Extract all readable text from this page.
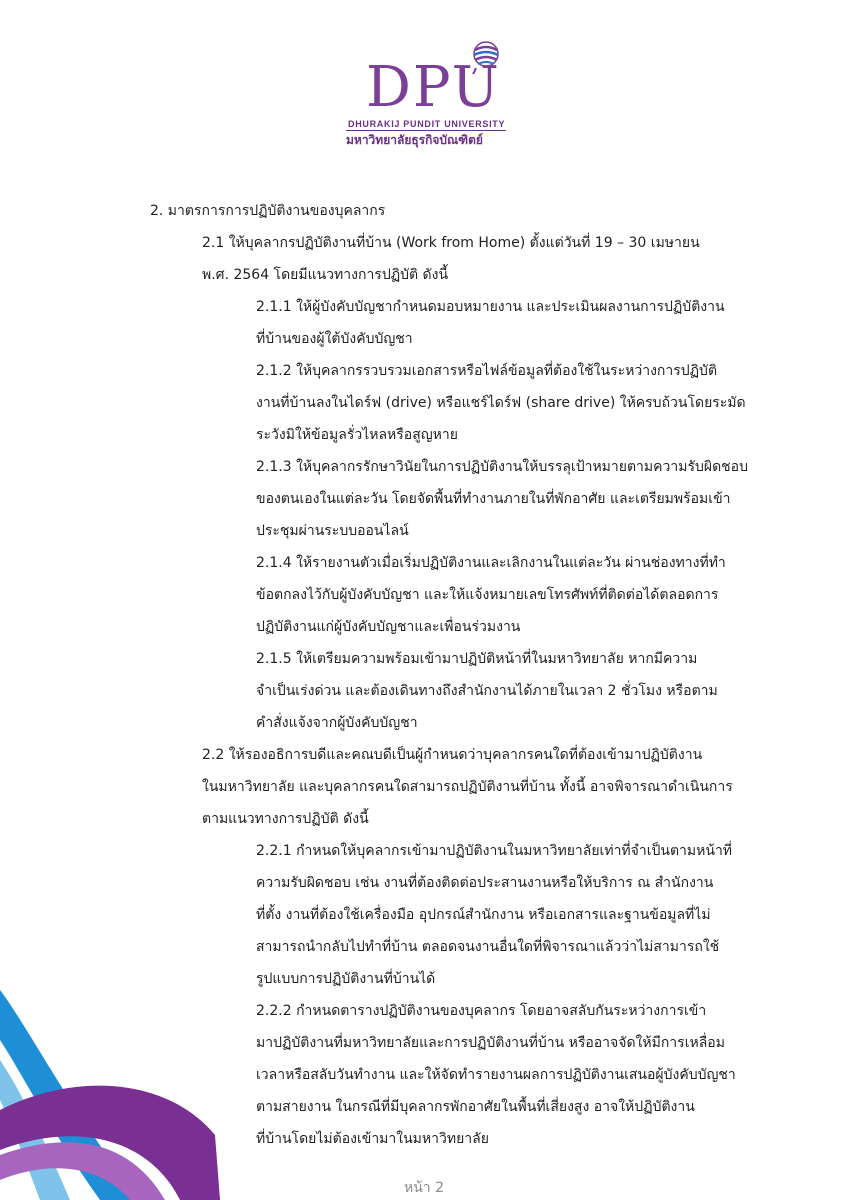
DPU
DHURAKIJ PUNDIT UNIVERSITY
มหาวิทยาลัยธุรกิจบัณฑิตย์
2. มาตรการการปฏิบัติงานของบุคลากร
2.1 ให้บุคลากรปฏิบัติงานที่บ้าน (Work from Home) ตั้งแต่วันที่ 19 – 30 เมษายน
พ.ศ. 2564 โดยมีแนวทางการปฏิบัติ ดังนี้
2.1.1 ให้ผู้บังคับบัญชากำหนดมอบหมายงาน และประเมินผลงานการปฏิบัติงาน
ที่บ้านของผู้ใต้บังคับบัญชา
2.1.2 ให้บุคลากรรวบรวมเอกสารหรือไฟล์ข้อมูลที่ต้องใช้ในระหว่างการปฏิบัติ
งานที่บ้านลงในไดร์ฟ (drive) หรือแชร์ไดร์ฟ (share drive) ให้ครบถ้วนโดยระมัด
ระวังมิให้ข้อมูลรั่วไหลหรือสูญหาย
2.1.3 ให้บุคลากรรักษาวินัยในการปฏิบัติงานให้บรรลุเป้าหมายตามความรับผิดชอบ
ของตนเองในแต่ละวัน โดยจัดพื้นที่ทำงานภายในที่พักอาศัย และเตรียมพร้อมเข้า
ประชุมผ่านระบบออนไลน์
2.1.4 ให้รายงานตัวเมื่อเริ่มปฏิบัติงานและเลิกงานในแต่ละวัน ผ่านช่องทางที่ทำ
ข้อตกลงไว้กับผู้บังคับบัญชา และให้แจ้งหมายเลขโทรศัพท์ที่ติดต่อได้ตลอดการ
ปฏิบัติงานแก่ผู้บังคับบัญชาและเพื่อนร่วมงาน
2.1.5 ให้เตรียมความพร้อมเข้ามาปฏิบัติหน้าที่ในมหาวิทยาลัย หากมีความ
จำเป็นเร่งด่วน และต้องเดินทางถึงสำนักงานได้ภายในเวลา 2 ชั่วโมง หรือตาม
คำสั่งแจ้งจากผู้บังคับบัญชา
2.2 ให้รองอธิการบดีและคณบดีเป็นผู้กำหนดว่าบุคลากรคนใดที่ต้องเข้ามาปฏิบัติงาน
ในมหาวิทยาลัย และบุคลากรคนใดสามารถปฏิบัติงานที่บ้าน ทั้งนี้ อาจพิจารณาดำเนินการ
ตามแนวทางการปฏิบัติ ดังนี้
2.2.1 กำหนดให้บุคลากรเข้ามาปฏิบัติงานในมหาวิทยาลัยเท่าที่จำเป็นตามหน้าที่
ความรับผิดชอบ เช่น งานที่ต้องติดต่อประสานงานหรือให้บริการ ณ สำนักงาน
ที่ตั้ง งานที่ต้องใช้เครื่องมือ อุปกรณ์สำนักงาน หรือเอกสารและฐานข้อมูลที่ไม่
สามารถนำกลับไปทำที่บ้าน ตลอดจนงานอื่นใดที่พิจารณาแล้วว่าไม่สามารถใช้
รูปแบบการปฏิบัติงานที่บ้านได้
2.2.2 กำหนดตารางปฏิบัติงานของบุคลากร โดยอาจสลับกันระหว่างการเข้า
มาปฏิบัติงานที่มหาวิทยาลัยและการปฏิบัติงานที่บ้าน หรืออาจจัดให้มีการเหลื่อม
เวลาหรือสลับวันทำงาน และให้จัดทำรายงานผลการปฏิบัติงานเสนอผู้บังคับบัญชา
ตามสายงาน ในกรณีที่มีบุคลากรพักอาศัยในพื้นที่เสี่ยงสูง อาจให้ปฏิบัติงาน
ที่บ้านโดยไม่ต้องเข้ามาในมหาวิทยาลัย
หน้า 2
